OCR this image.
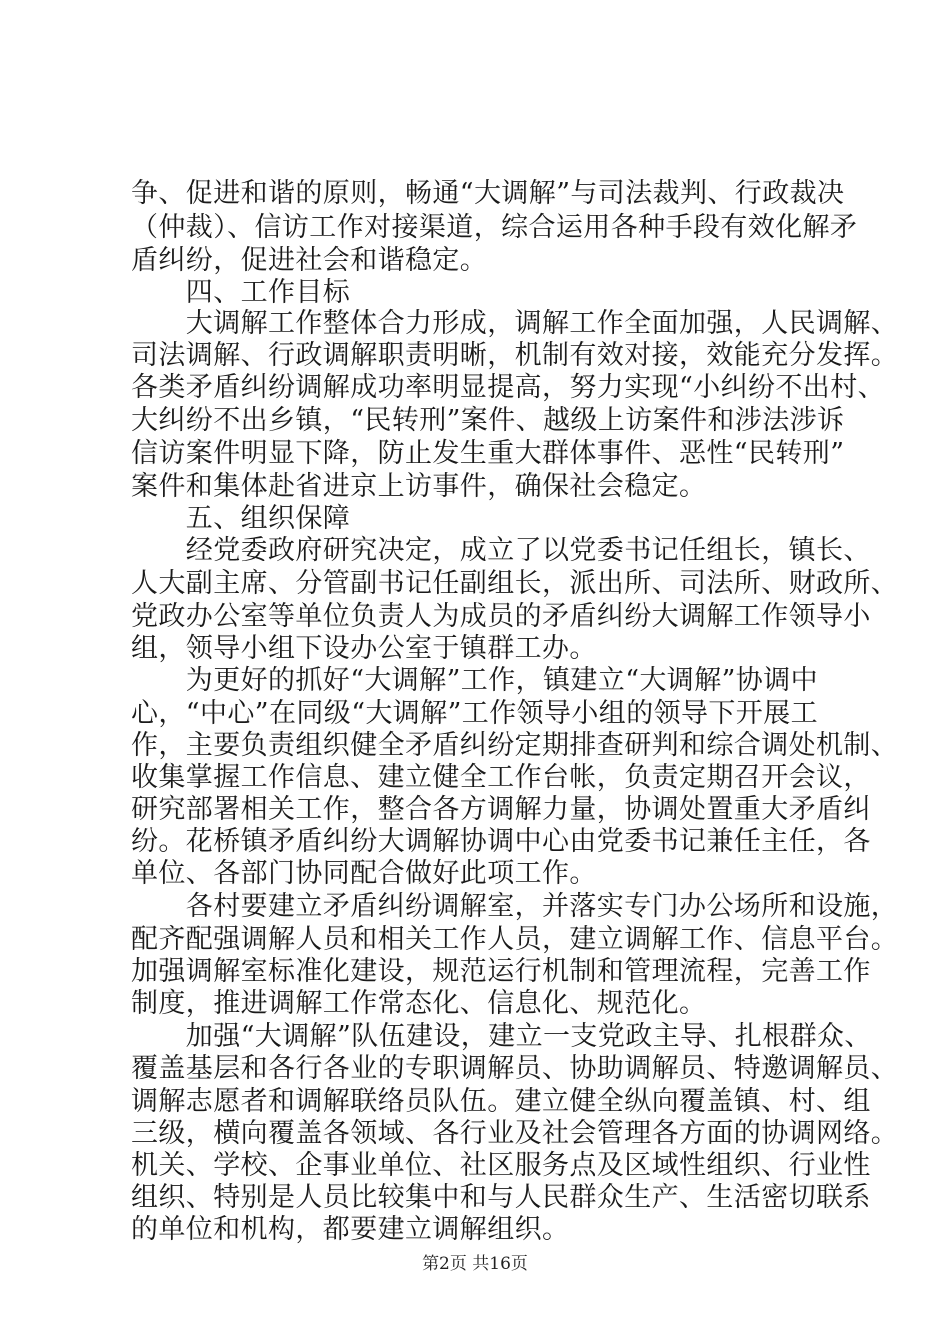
争、促进和谐的原则，畅通“大调解”与司法裁判、行政裁决
（仲裁）、信访工作对接渠道，综合运用各种手段有效化解矛
盾纠纷，促进社会和谐稳定。
　　四、工作目标
　　大调解工作整体合力形成，调解工作全面加强，人民调解、
司法调解、行政调解职责明晰，机制有效对接，效能充分发挥。
各类矛盾纠纷调解成功率明显提高，努力实现“小纠纷不出村、
大纠纷不出乡镇，“民转刑”案件、越级上访案件和涉法涉诉
信访案件明显下降，防止发生重大群体事件、恶性“民转刑”
案件和集体赴省进京上访事件，确保社会稳定。
　　五、组织保障
　　经党委政府研究决定，成立了以党委书记任组长，镇长、
人大副主席、分管副书记任副组长，派出所、司法所、财政所、
党政办公室等单位负责人为成员的矛盾纠纷大调解工作领导小
组，领导小组下设办公室于镇群工办。
　　为更好的抓好“大调解”工作，镇建立“大调解”协调中
心，“中心”在同级“大调解”工作领导小组的领导下开展工
作，主要负责组织健全矛盾纠纷定期排查研判和综合调处机制、
收集掌握工作信息、建立健全工作台帐，负责定期召开会议，
研究部署相关工作，整合各方调解力量，协调处置重大矛盾纠
纷。花桥镇矛盾纠纷大调解协调中心由党委书记兼任主任，各
单位、各部门协同配合做好此项工作。
　　各村要建立矛盾纠纷调解室，并落实专门办公场所和设施，
配齐配强调解人员和相关工作人员，建立调解工作、信息平台。
加强调解室标准化建设，规范运行机制和管理流程，完善工作
制度，推进调解工作常态化、信息化、规范化。
　　加强“大调解”队伍建设，建立一支党政主导、扎根群众、
覆盖基层和各行各业的专职调解员、协助调解员、特邀调解员、
调解志愿者和调解联络员队伍。建立健全纵向覆盖镇、村、组
三级，横向覆盖各领域、各行业及社会管理各方面的协调网络。
机关、学校、企事业单位、社区服务点及区域性组织、行业性
组织、特别是人员比较集中和与人民群众生产、生活密切联系
的单位和机构，都要建立调解组织。
第2页 共16页
